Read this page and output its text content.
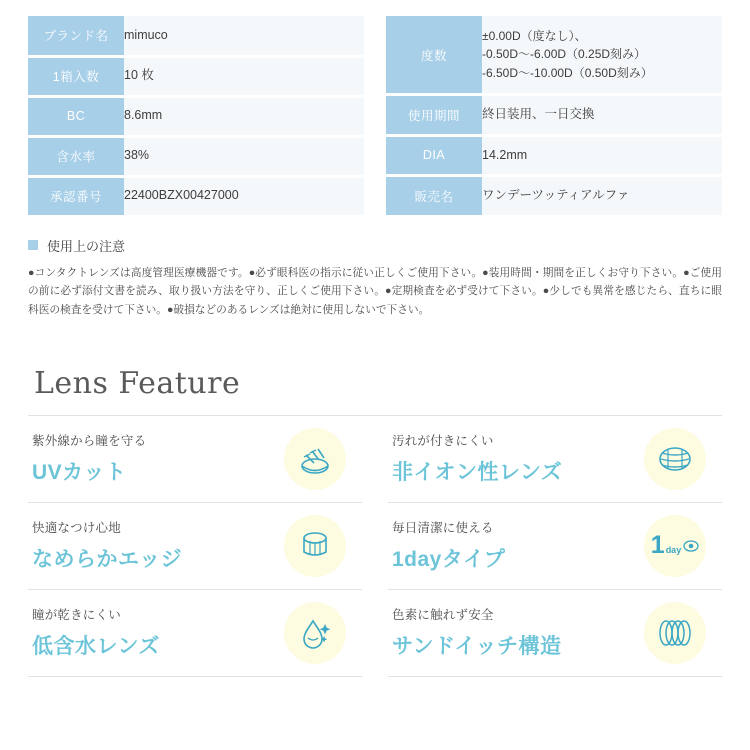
ブランド名	mimuco

1箱入数	10 枚

BC	8.6mm

含水率	38%

承認番号	22400BZX00427000
度数	±0.00D（度なし）、
-0.50D〜-6.00D（0.25D刻み）
-6.50D〜-10.00D（0.50D刻み）

使用期間	終日装用、一日交換

DIA	14.2mm

販売名	ワンデーツッティアルファ
使用上の注意
●コンタクトレンズは高度管理医療機器です。●必ず眼科医の指示に従い正しくご使用下さい。●装用時間・期間を正しくお守り下さい。●ご使用の前に必ず添付文書を読み、取り扱い方法を守り、正しくご使用下さい。●定期検査を必ず受けて下さい。●少しでも異常を感じたら、直ちに眼科医の検査を受けて下さい。●破損などのあるレンズは絶対に使用しないで下さい。
Lens Feature
紫外線から瞳を守る
UVカット
汚れが付きにくい
非イオン性レンズ
快適なつけ心地
なめらかエッジ
毎日清潔に使える
1dayタイプ
1 day
瞳が乾きにくい
低含水レンズ
色素に触れず安全
サンドイッチ構造
